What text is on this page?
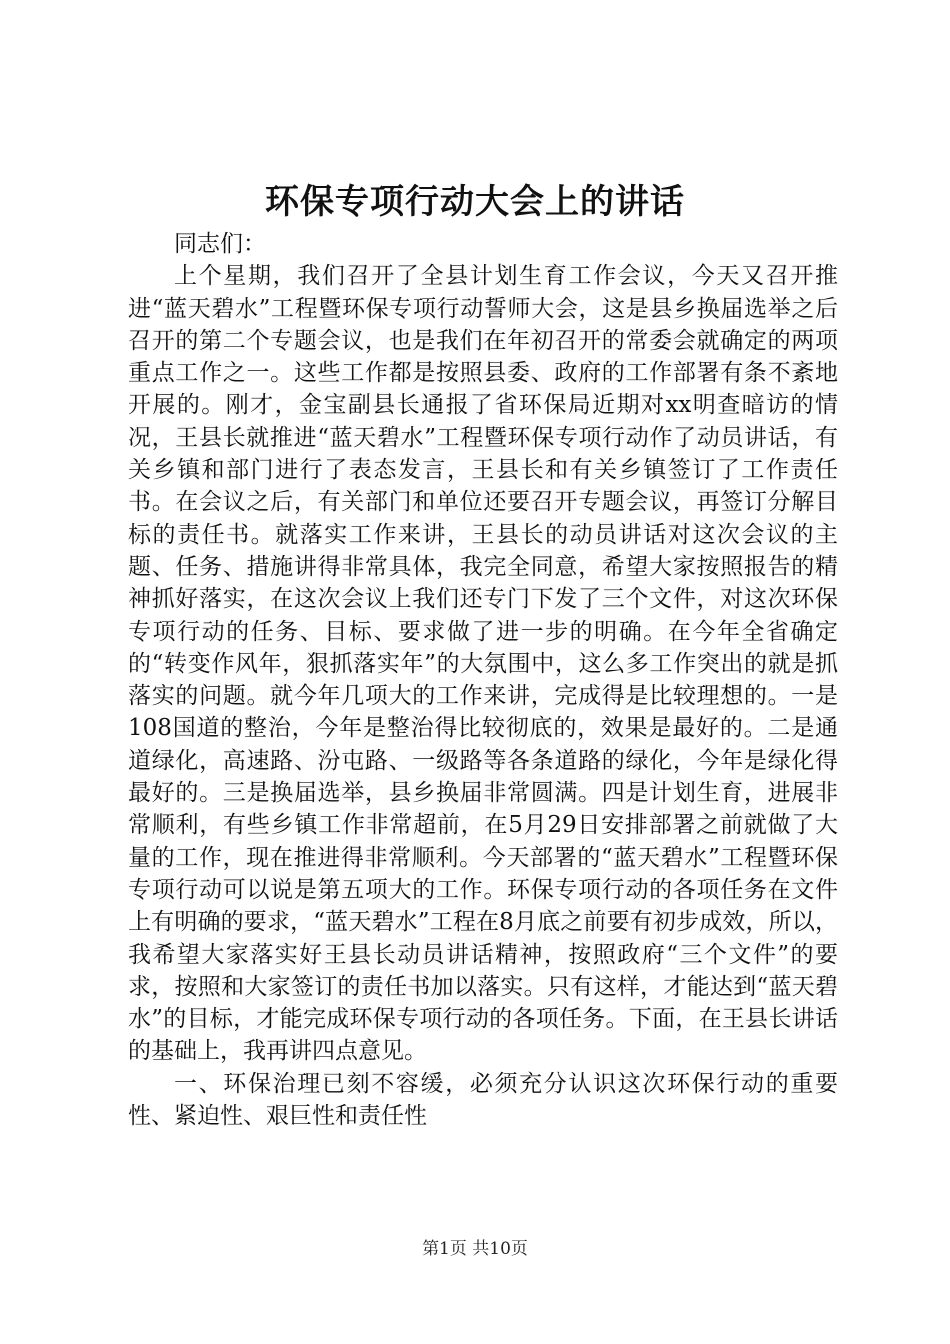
环保专项行动大会上的讲话

同志们：

上个星期，我们召开了全县计划生育工作会议，今天又召开推进“蓝天碧水”工程暨环保专项行动誓师大会，这是县乡换届选举之后召开的第二个专题会议，也是我们在年初召开的常委会就确定的两项重点工作之一。这些工作都是按照县委、政府的工作部署有条不紊地开展的。刚才，金宝副县长通报了省环保局近期对xx明查暗访的情况，王县长就推进“蓝天碧水”工程暨环保专项行动作了动员讲话，有关乡镇和部门进行了表态发言，王县长和有关乡镇签订了工作责任书。在会议之后，有关部门和单位还要召开专题会议，再签订分解目标的责任书。就落实工作来讲，王县长的动员讲话对这次会议的主题、任务、措施讲得非常具体，我完全同意，希望大家按照报告的精神抓好落实，在这次会议上我们还专门下发了三个文件，对这次环保专项行动的任务、目标、要求做了进一步的明确。在今年全省确定的“转变作风年，狠抓落实年”的大氛围中，这么多工作突出的就是抓落实的问题。就今年几项大的工作来讲，完成得是比较理想的。一是108国道的整治，今年是整治得比较彻底的，效果是最好的。二是通道绿化，高速路、汾屯路、一级路等各条道路的绿化，今年是绿化得最好的。三是换届选举，县乡换届非常圆满。四是计划生育，进展非常顺利，有些乡镇工作非常超前，在5月29日安排部署之前就做了大量的工作，现在推进得非常顺利。今天部署的“蓝天碧水”工程暨环保专项行动可以说是第五项大的工作。环保专项行动的各项任务在文件上有明确的要求，“蓝天碧水”工程在8月底之前要有初步成效，所以，我希望大家落实好王县长动员讲话精神，按照政府“三个文件”的要求，按照和大家签订的责任书加以落实。只有这样，才能达到“蓝天碧水”的目标，才能完成环保专项行动的各项任务。下面，在王县长讲话的基础上，我再讲四点意见。

一、环保治理已刻不容缓，必须充分认识这次环保行动的重要性、紧迫性、艰巨性和责任性

第1页 共10页
